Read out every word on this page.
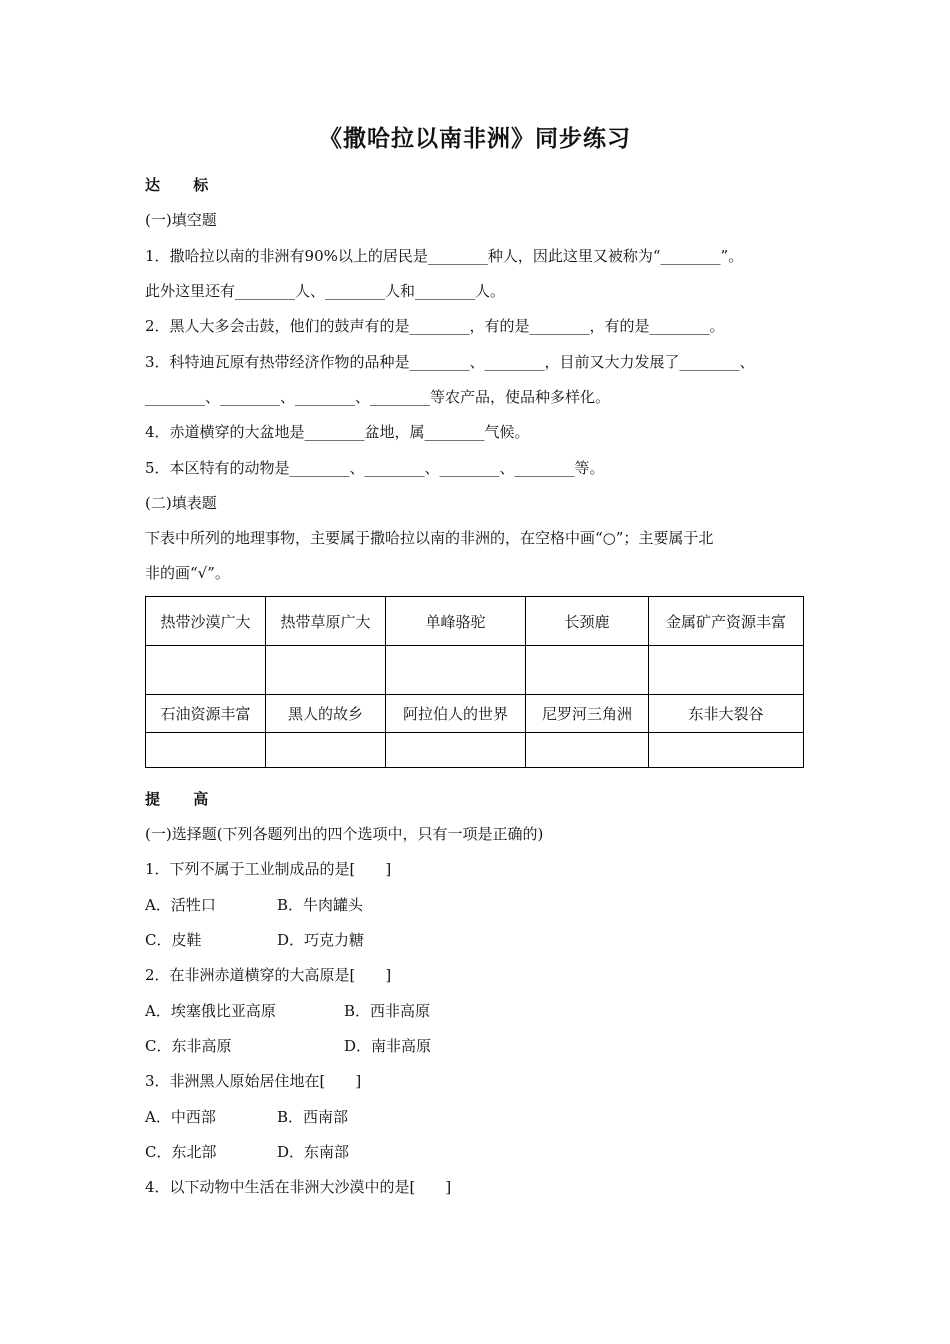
《撒哈拉以南非洲》同步练习
达 标
(一)填空题
1．撒哈拉以南的非洲有90%以上的居民是________种人，因此这里又被称为“________”。
此外这里还有________人、________人和________人。
2．黑人大多会击鼓，他们的鼓声有的是________，有的是________，有的是________。
3．科特迪瓦原有热带经济作物的品种是________、________，目前又大力发展了________、
________、________、________、________等农产品，使品种多样化。
4．赤道横穿的大盆地是________盆地，属________气候。
5．本区特有的动物是________、________、________、________等。
(二)填表题
下表中所列的地理事物，主要属于撒哈拉以南的非洲的，在空格中画“○”；主要属于北
非的画“√”。
热带沙漠广大	热带草原广大	单峰骆驼	长颈鹿	金属矿产资源丰富

石油资源丰富	黑人的故乡	阿拉伯人的世界	尼罗河三角洲	东非大裂谷

提 高
(一)选择题(下列各题列出的四个选项中，只有一项是正确的)
1．下列不属于工业制成品的是[　　]
A．活牲口	B．牛肉罐头
C．皮鞋	D．巧克力糖
2．在非洲赤道横穿的大高原是[　　]
A．埃塞俄比亚高原	B．西非高原
C．东非高原	D．南非高原
3．非洲黑人原始居住地在[　　]
A．中西部	B．西南部
C．东北部	D．东南部
4．以下动物中生活在非洲大沙漠中的是[　　]
